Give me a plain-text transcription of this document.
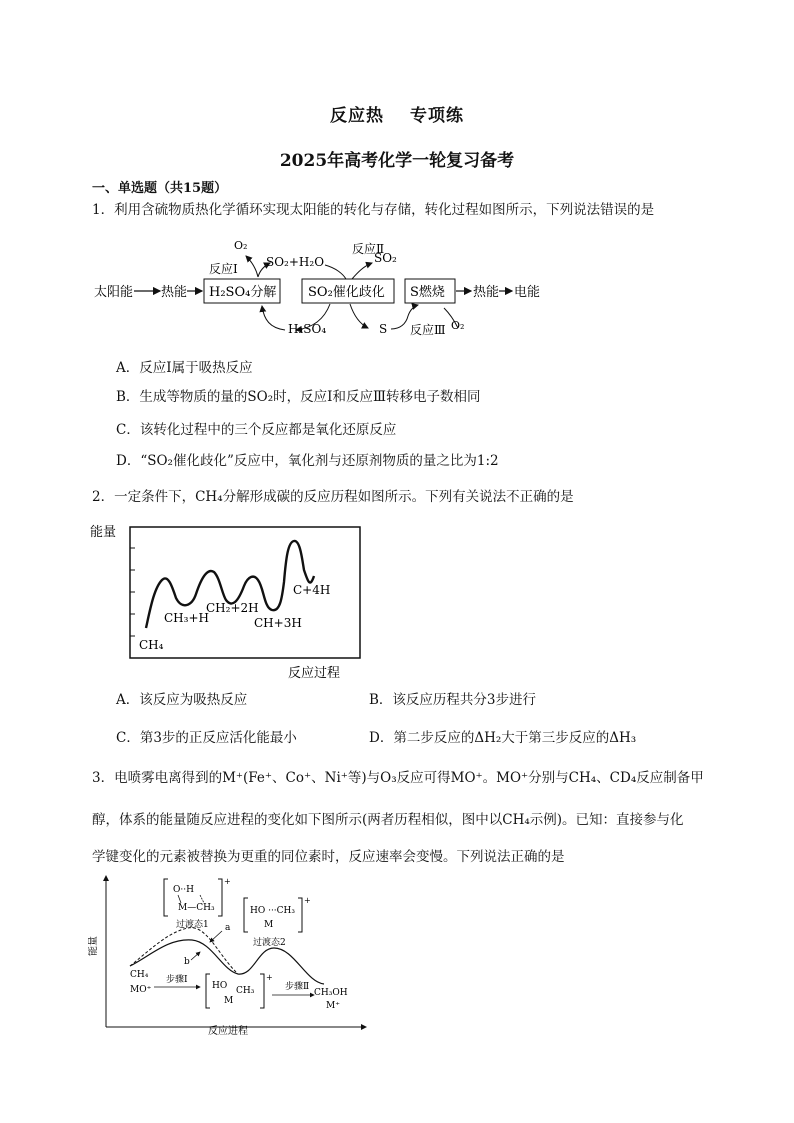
反应热 专项练
2025年高考化学一轮复习备考
一、单选题（共15题）
1．利用含硫物质热化学循环实现太阳能的转化与存储，转化过程如图所示，下列说法错误的是
太阳能 热能 H₂SO₄分解 SO₂催化歧化 S燃烧 热能 电能
O₂
反应Ⅰ SO₂+H₂O
反应Ⅱ
SO₂
H₂SO₄	S 反应Ⅲ O₂
A．反应Ⅰ属于吸热反应
B．生成等物质的量的SO₂时，反应Ⅰ和反应Ⅲ转移电子数相同
C．该转化过程中的三个反应都是氧化还原反应
D．“SO₂催化歧化”反应中，氧化剂与还原剂物质的量之比为1:2
2．一定条件下，CH₄分解形成碳的反应历程如图所示。下列有关说法不正确的是
能量
CH₄
CH₃+H
CH₂+2H
CH+3H
C+4H
反应过程
A．该反应为吸热反应	B．该反应历程共分3步进行
C．第3步的正反应活化能最小	D．第二步反应的ΔH₂大于第三步反应的ΔH₃
3．电喷雾电离得到的M⁺(Fe⁺、Co⁺、Ni⁺等)与O₃反应可得MO⁺。MO⁺分别与CH₄、CD₄反应制备甲
醇，体系的能量随反应进程的变化如下图所示(两者历程相似，图中以CH₄示例)。已知：直接参与化
学键变化的元素被替换为更重的同位素时，反应速率会变慢。下列说法正确的是
能量
反应进程
+
O··H
M—CH₃
过渡态1
+
HO ···CH₃
M
过渡态2
a
b
CH₄
MO⁺	CH₃OH
M⁺
步骤Ⅰ	+
HO
M
CH₃	步骤Ⅱ
